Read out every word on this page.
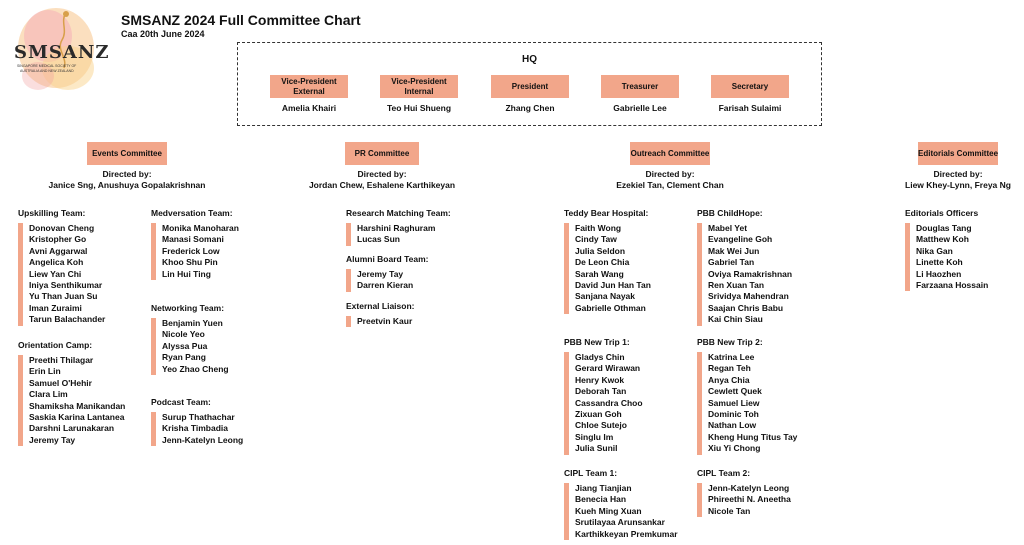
SMSANZ
SINGAPORE MEDICAL SOCIETY OF
AUSTRALIA AND NEW ZEALAND
SMSANZ 2024 Full Committee Chart
Caa 20th June 2024
HQ
Vice-President External
Amelia Khairi
Vice-President Internal
Teo Hui Shueng
President
Zhang Chen
Treasurer
Gabrielle Lee
Secretary
Farisah Sulaimi
Events Committee
Directed by:
Janice Sng, Anushuya Gopalakrishnan
PR Committee
Directed by:
Jordan Chew, Eshalene Karthikeyan
Outreach Committee
Directed by:
Ezekiel Tan, Clement Chan
Editorials Committee
Directed by:
Liew Khey-Lynn, Freya Ng
Upskilling Team:
Donovan Cheng
Kristopher Go
Avni Aggarwal
Angelica Koh
Liew Yan Chi
Iniya Senthikumar
Yu Than Juan Su
Iman Zuraimi
Tarun Balachander
Orientation Camp:
Preethi Thilagar
Erin Lin
Samuel O'Hehir
Clara Lim
Shamiksha Manikandan
Saskia Karina Lantanea
Darshni Larunakaran
Jeremy Tay
Medversation Team:
Monika Manoharan
Manasi Somani
Frederick Low
Khoo Shu Pin
Lin Hui Ting
Networking Team:
Benjamin Yuen
Nicole Yeo
Alyssa Pua
Ryan Pang
Yeo Zhao Cheng
Podcast Team:
Surup Thathachar
Krisha Timbadia
Jenn-Katelyn Leong
Research Matching Team:
Harshini Raghuram
Lucas Sun
Alumni Board Team:
Jeremy Tay
Darren Kieran
External Liaison:
Preetvin Kaur
Teddy Bear Hospital:
Faith Wong
Cindy Taw
Julia Seldon
De Leon Chia
Sarah Wang
David Jun Han Tan
Sanjana Nayak
Gabrielle Othman
PBB New Trip 1:
Gladys Chin
Gerard Wirawan
Henry Kwok
Deborah Tan
Cassandra Choo
Zixuan Goh
Chloe Sutejo
Singlu Im
Julia Sunil
CIPL Team 1:
Jiang Tianjian
Benecia Han
Kueh Ming Xuan
Srutilayaa Arunsankar
Karthikkeyan Premkumar
PBB ChildHope:
Mabel Yet
Evangeline Goh
Mak Wei Jun
Gabriel Tan
Oviya Ramakrishnan
Ren Xuan Tan
Srividya Mahendran
Saajan Chris Babu
Kai Chin Siau
PBB New Trip 2:
Katrina Lee
Regan Teh
Anya Chia
Cewlett Quek
Samuel Liew
Dominic Toh
Nathan Low
Kheng Hung Titus Tay
Xiu Yi Chong
CIPL Team 2:
Jenn-Katelyn Leong
Phireethi N. Aneetha
Nicole Tan
Editorials Officers
Douglas Tang
Matthew Koh
Nika Gan
Linette Koh
Li Haozhen
Farzaana Hossain
